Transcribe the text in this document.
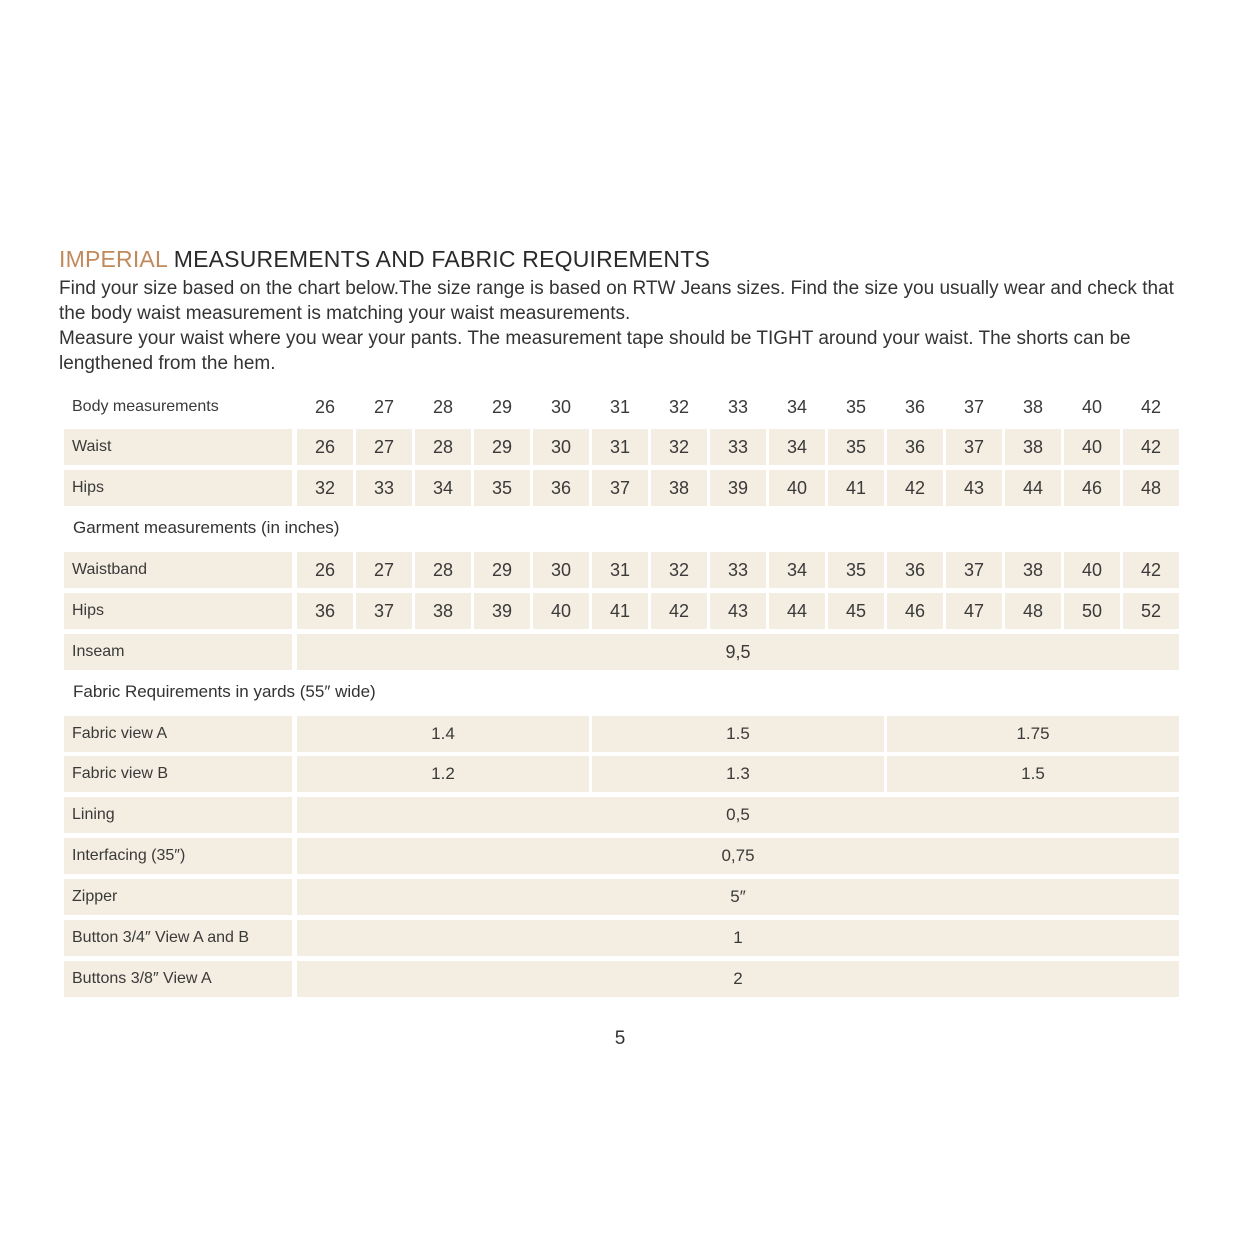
IMPERIAL MEASUREMENTS AND FABRIC REQUIREMENTS

Find your size based on the chart below.The size range is based on RTW Jeans sizes. Find the size you usually wear and check that the body waist measurement is matching your waist measurements.

Measure your waist where you wear your pants. The measurement tape should be TIGHT around your waist. The shorts can be lengthened from the hem.

Body measurements	26	27	28	29	30	31	32	33	34	35	36	37	38	40	42
Waist	26	27	28	29	30	31	32	33	34	35	36	37	38	40	42
Hips	32	33	34	35	36	37	38	39	40	41	42	43	44	46	48
Garment measurements (in inches)
Waistband	26	27	28	29	30	31	32	33	34	35	36	37	38	40	42
Hips	36	37	38	39	40	41	42	43	44	45	46	47	48	50	52
Inseam	9,5
Fabric Requirements in yards (55″ wide)
Fabric view A	1.4	1.5	1.75
Fabric view B	1.2	1.3	1.5
Lining	0,5
Interfacing (35″)	0,75
Zipper	5″
Button 3/4″ View A and B	1
Buttons 3/8″ View A	2
5
